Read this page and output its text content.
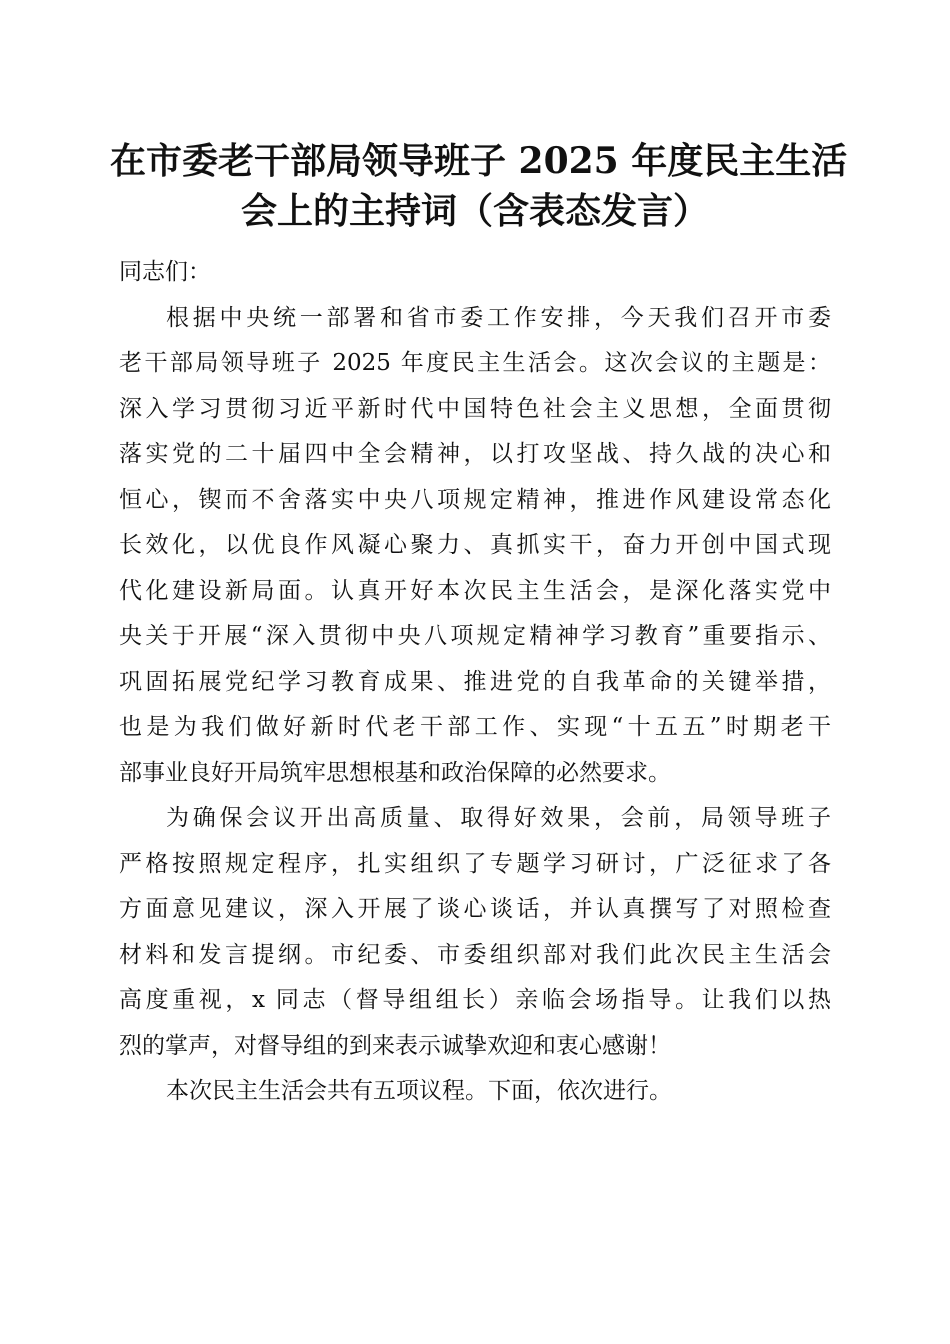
在市委老干部局领导班子 2025 年度民主生活
会上的主持词（含表态发言）

同志们：

根据中央统一部署和省市委工作安排，今天我们召开市委
老干部局领导班子 2025 年度民主生活会。这次会议的主题是：
深入学习贯彻习近平新时代中国特色社会主义思想，全面贯彻
落实党的二十届四中全会精神，以打攻坚战、持久战的决心和
恒心，锲而不舍落实中央八项规定精神，推进作风建设常态化
长效化，以优良作风凝心聚力、真抓实干，奋力开创中国式现
代化建设新局面。认真开好本次民主生活会，是深化落实党中
央关于开展“深入贯彻中央八项规定精神学习教育”重要指示、
巩固拓展党纪学习教育成果、推进党的自我革命的关键举措，
也是为我们做好新时代老干部工作、实现“十五五”时期老干
部事业良好开局筑牢思想根基和政治保障的必然要求。

为确保会议开出高质量、取得好效果，会前，局领导班子
严格按照规定程序，扎实组织了专题学习研讨，广泛征求了各
方面意见建议，深入开展了谈心谈话，并认真撰写了对照检查
材料和发言提纲。市纪委、市委组织部对我们此次民主生活会
高度重视，x 同志（督导组组长）亲临会场指导。让我们以热
烈的掌声，对督导组的到来表示诚挚欢迎和衷心感谢！

本次民主生活会共有五项议程。下面，依次进行。
